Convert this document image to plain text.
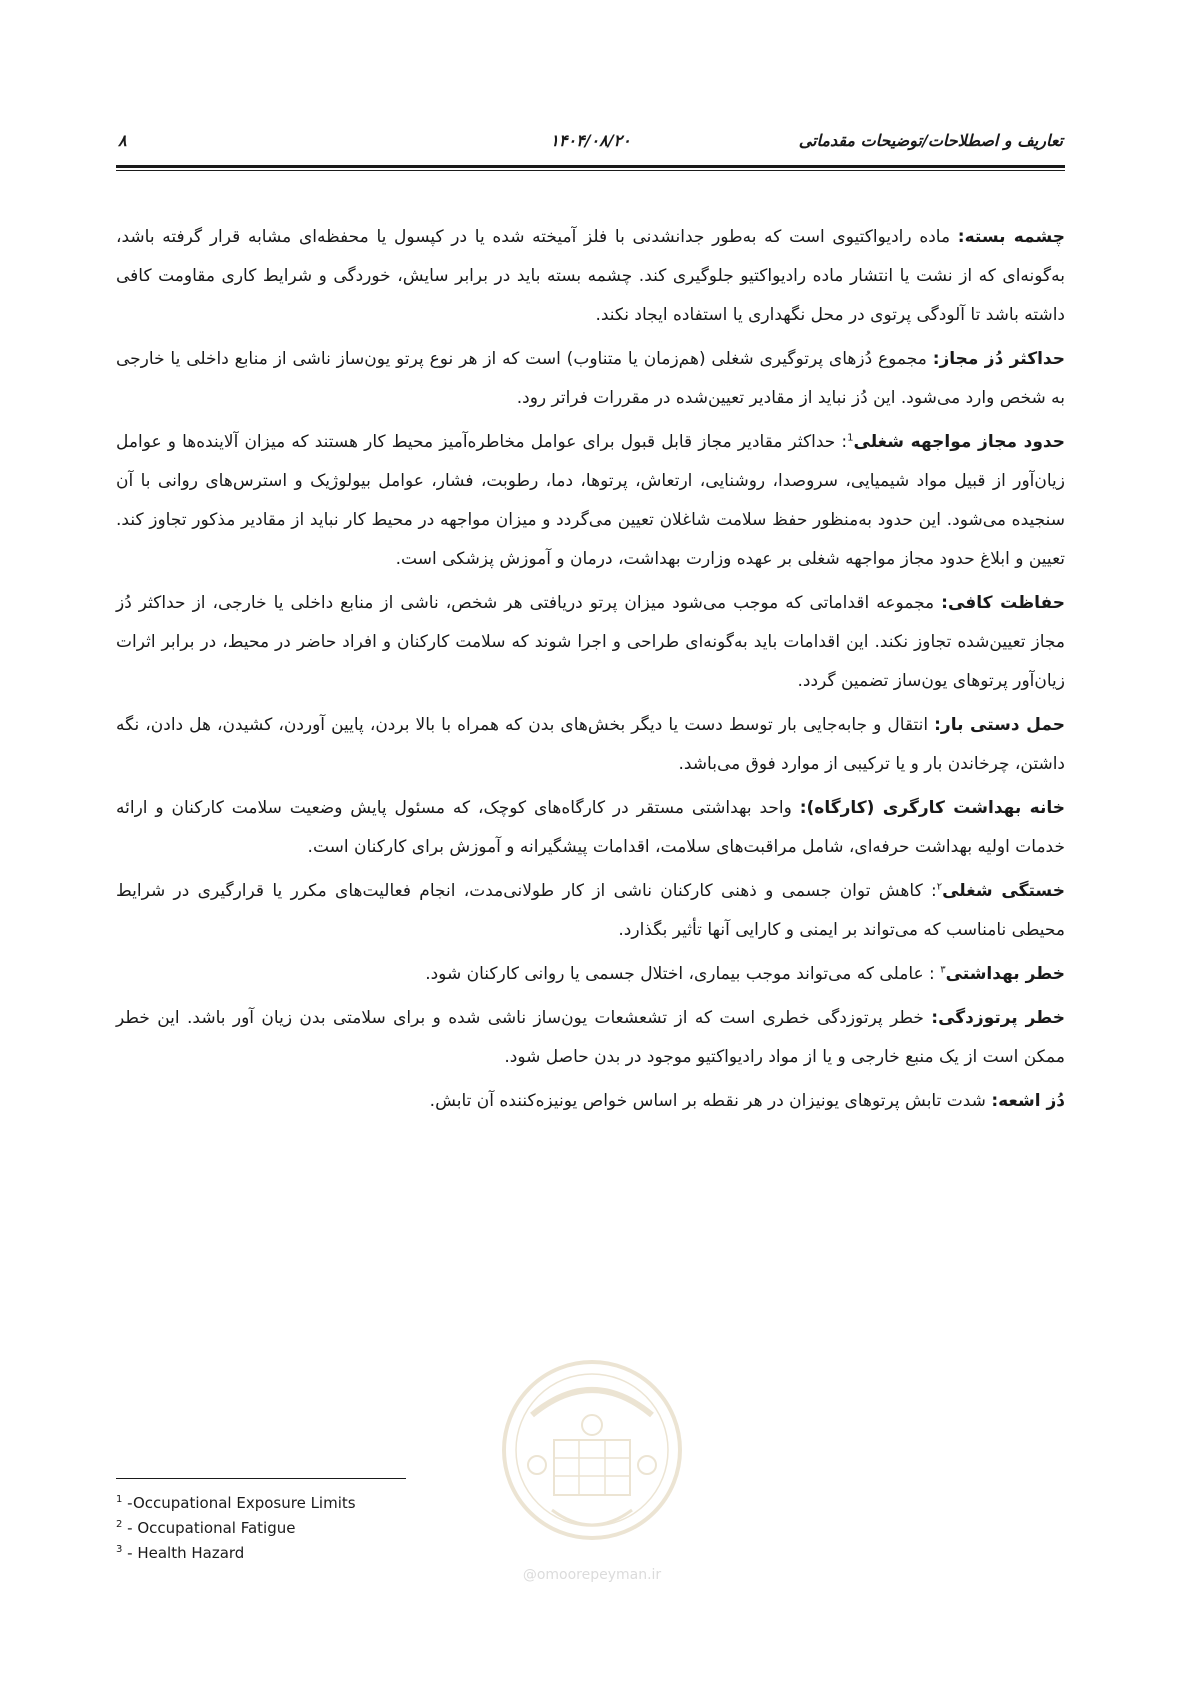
تعاریف و اصطلاحات/توضیحات مقدماتی
۱۴۰۴/۰۸/۲۰
۸

چشمه بسته: ماده رادیواکتیوی است که به‌طور جدانشدنی با فلز آمیخته شده یا در کپسول یا محفظه‌ای مشابه قرار گرفته باشد، به‌گونه‌ای که از نشت یا انتشار ماده رادیواکتیو جلوگیری کند. چشمه بسته باید در برابر سایش، خوردگی و شرایط کاری مقاومت کافی داشته باشد تا آلودگی پرتوی در محل نگهداری یا استفاده ایجاد نکند.

حداکثر دُز مجاز: مجموع دُزهای پرتوگیری شغلی (هم‌زمان یا متناوب) است که از هر نوع پرتو یون‌ساز ناشی از منابع داخلی یا خارجی به شخص وارد می‌شود. این دُز نباید از مقادیر تعیین‌شده در مقررات فراتر رود.

حدود مجاز مواجهه شغلی$^1$: حداکثر مقادیر مجاز قابل قبول برای عوامل مخاطره‌آمیز محیط کار هستند که میزان آلاینده‌ها و عوامل زیان‌آور از قبیل مواد شیمیایی، سروصدا، روشنایی، ارتعاش، پرتوها، دما، رطوبت، فشار، عوامل بیولوژیک و استرس‌های روانی با آن سنجیده می‌شود. این حدود به‌منظور حفظ سلامت شاغلان تعیین می‌گردد و میزان مواجهه در محیط کار نباید از مقادیر مذکور تجاوز کند. تعیین و ابلاغ حدود مجاز مواجهه شغلی بر عهده وزارت بهداشت، درمان و آموزش پزشکی است.

حفاظت کافی: مجموعه اقداماتی که موجب می‌شود میزان پرتو دریافتی هر شخص، ناشی از منابع داخلی یا خارجی، از حداکثر دُز مجاز تعیین‌شده تجاوز نکند. این اقدامات باید به‌گونه‌ای طراحی و اجرا شوند که سلامت کارکنان و افراد حاضر در محیط، در برابر اثرات زیان‌آور پرتوهای یون‌ساز تضمین گردد.

حمل دستی بار: انتقال و جابه‌جایی بار توسط دست یا دیگر بخش‌های بدن که همراه با بالا بردن، پایین آوردن، کشیدن، هل دادن، نگه داشتن، چرخاندن بار و یا ترکیبی از موارد فوق می‌باشد.

خانه بهداشت کارگری (کارگاه): واحد بهداشتی مستقر در کارگاه‌های کوچک، که مسئول پایش وضعیت سلامت کارکنان و ارائه خدمات اولیه بهداشت حرفه‌ای، شامل مراقبت‌های سلامت، اقدامات پیشگیرانه و آموزش برای کارکنان است.

خستگی شغلی$^۲$: کاهش توان جسمی و ذهنی کارکنان ناشی از کار طولانی‌مدت، انجام فعالیت‌های مکرر یا قرارگیری در شرایط محیطی نامناسب که می‌تواند بر ایمنی و کارایی آنها تأثیر بگذارد.

خطر بهداشتی$^۳$ : عاملی که می‌تواند موجب بیماری، اختلال جسمی یا روانی کارکنان شود.

خطر پرتوزدگی: خطر پرتوزدگی خطری است که از تشعشعات یون‌ساز ناشی شده و برای سلامتی بدن زیان آور باشد. این خطر ممکن است از یک منبع خارجی و یا از مواد رادیواکتیو موجود در بدن حاصل شود.

دُز اشعه: شدت تابش پرتوهای یونیزان در هر نقطه بر اساس خواص یونیزه‌کننده آن تابش.

@omoorepeyman.ir
$^1$ -Occupational Exposure Limits
$^2$ - Occupational Fatigue
$^3$ - Health Hazard
